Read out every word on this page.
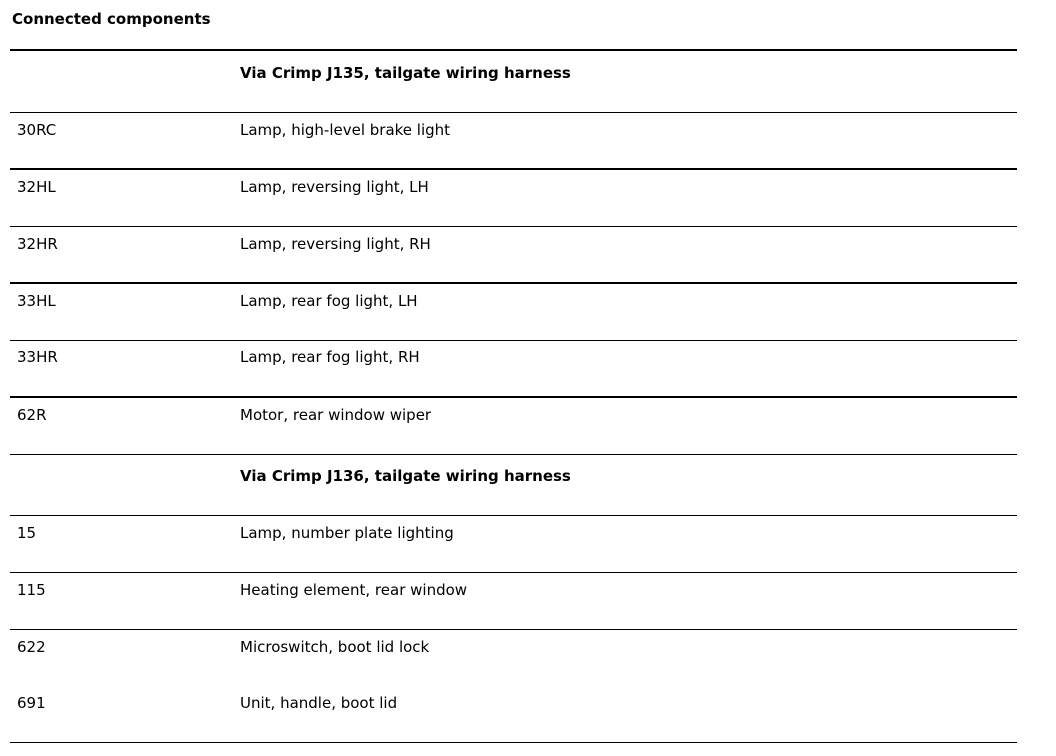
Connected components
Via Crimp J135, tailgate wiring harness
30RC	Lamp, high-level brake light
32HL	Lamp, reversing light, LH
32HR	Lamp, reversing light, RH
33HL	Lamp, rear fog light, LH
33HR	Lamp, rear fog light, RH
62R	Motor, rear window wiper
Via Crimp J136, tailgate wiring harness
15	Lamp, number plate lighting
115	Heating element, rear window
622	Microswitch, boot lid lock
691	Unit, handle, boot lid
